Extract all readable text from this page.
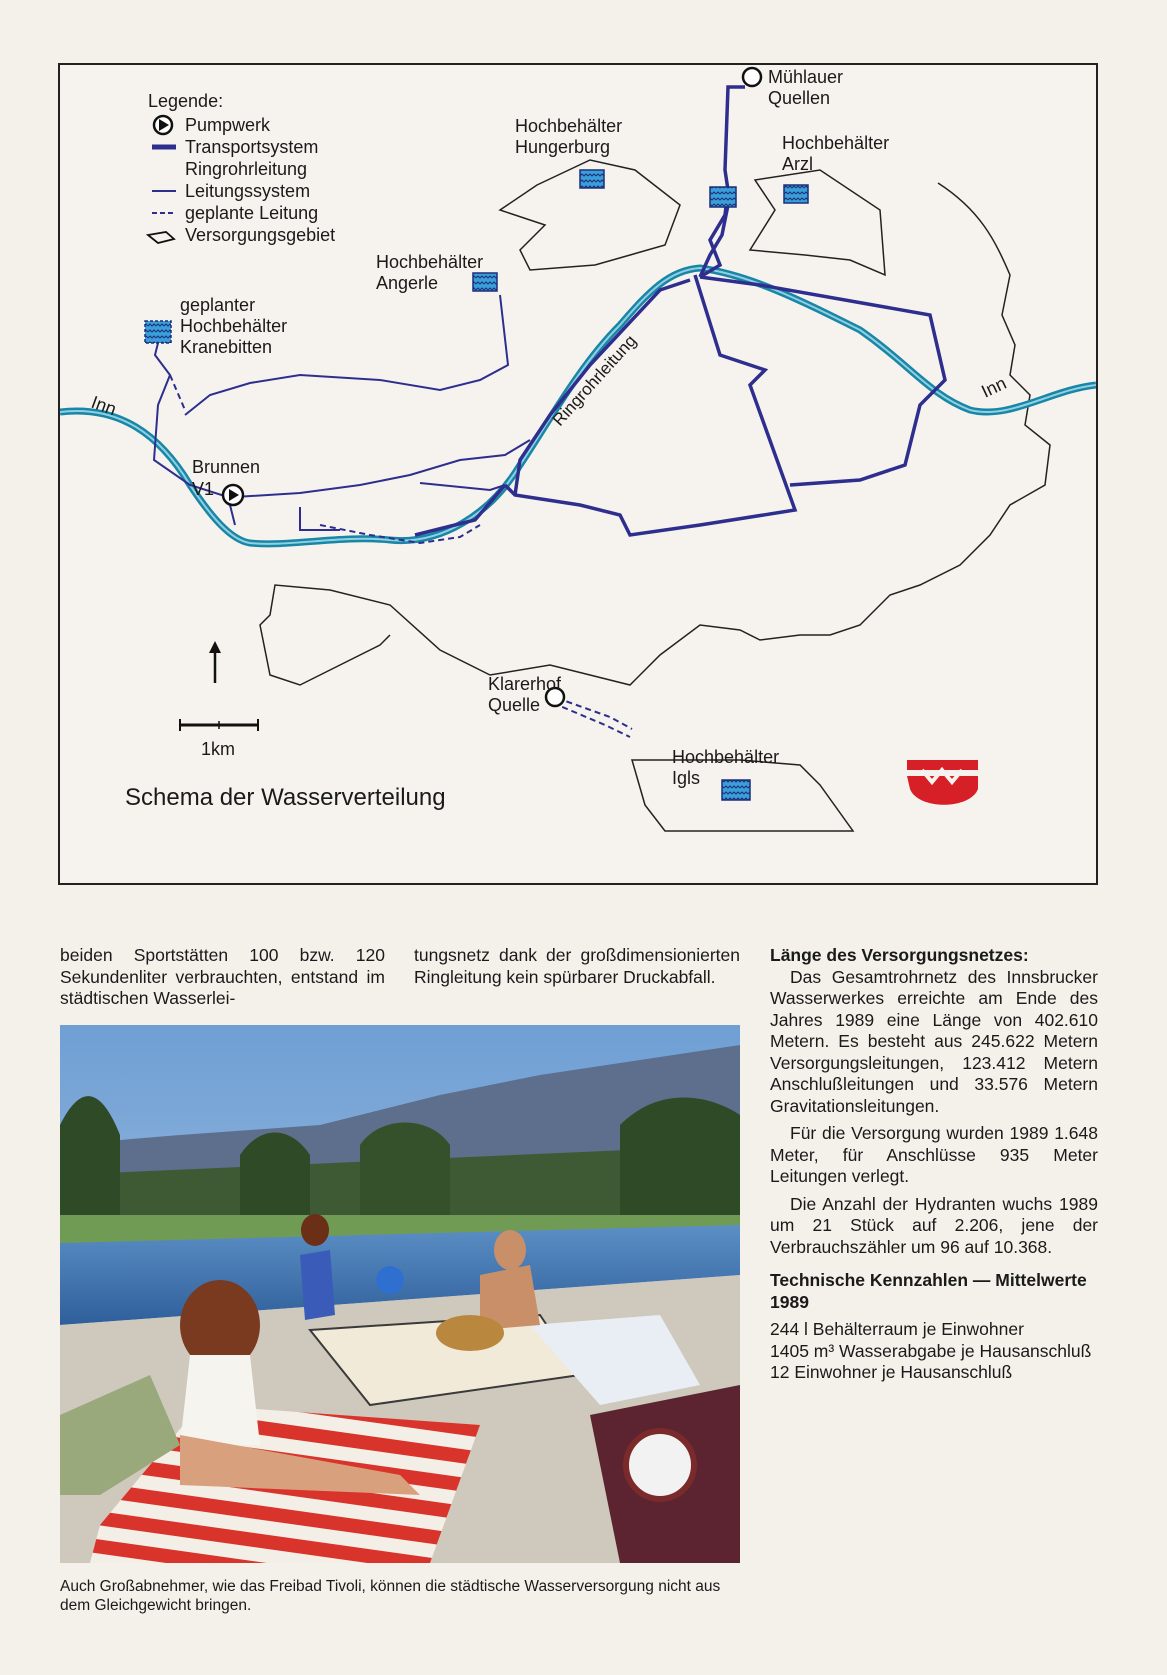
Legende:
Pumpwerk
Transportsystem
Ringrohrleitung
Leitungssystem
geplante Leitung
Versorgungsgebiet
Mühlauer
Quellen
Hochbehälter
Hungerburg	Hochbehälter
Arzl
Hochbehälter
Angerle
geplanter
Hochbehälter
Kranebitten
Inn
Inn
Ringrohrleitung
Brunnen
V1
Klarerhof
Quelle
Hochbehälter
Igls
1km
Schema der Wasserverteilung

beiden Sportstätten 100 bzw. 120 Sekundenliter verbrauchten, entstand im städtischen Wasserlei-

tungsnetz dank der großdimensionierten Ringleitung kein spürbarer Druckabfall.

Länge des Versorgungsnetzes:

Das Gesamtrohrnetz des Innsbrucker Wasserwerkes erreichte am Ende des Jahres 1989 eine Länge von 402.610 Metern. Es besteht aus 245.622 Metern Versorgungsleitungen, 123.412 Metern Anschlußleitungen und 33.576 Metern Gravitationsleitungen.

Für die Versorgung wurden 1989 1.648 Meter, für Anschlüsse 935 Meter Leitungen verlegt.

Die Anzahl der Hydranten wuchs 1989 um 21 Stück auf 2.206, jene der Verbrauchszähler um 96 auf 10.368.

Technische Kennzahlen — Mittelwerte 1989

244 l Behälterraum je Einwohner

1405 m³ Wasserabgabe je Hausanschluß

12 Einwohner je Hausanschluß

Auch Großabnehmer, wie das Freibad Tivoli, können die städtische Wasserversorgung nicht aus dem Gleichgewicht bringen.
